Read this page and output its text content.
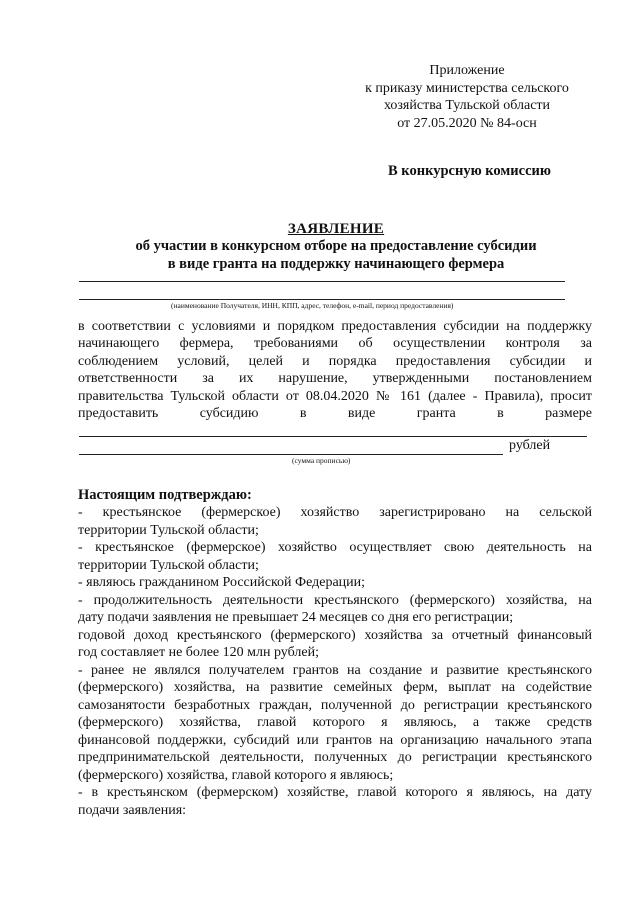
Приложение
к приказу министерства сельского
хозяйства Тульской области
от 27.05.2020 № 84-осн
В конкурсную комиссию
ЗАЯВЛЕНИЕ
об участии в конкурсном отборе на предоставление субсидии
в виде гранта на поддержку начинающего фермера
(наименование Получателя, ИНН, КПП, адрес, телефон, e-mail, период предоставления)
в соответствии с условиями и порядком предоставления субсидии на поддержку
начинающего фермера, требованиями об осуществлении контроля за
соблюдением условий, целей и порядка предоставления субсидии и
ответственности за их нарушение, утвержденными постановлением
правительства Тульской области от 08.04.2020 № 161 (далее - Правила), просит
предоставить субсидию в виде гранта в размере
рублей
(сумма прописью)
Настоящим подтверждаю:
- крестьянское (фермерское) хозяйство зарегистрировано на сельской
территории Тульской области;
- крестьянское (фермерское) хозяйство осуществляет свою деятельность на
территории Тульской области;
- являюсь гражданином Российской Федерации;
- продолжительность деятельности крестьянского (фермерского) хозяйства, на
дату подачи заявления не превышает 24 месяцев со дня его регистрации;
годовой доход крестьянского (фермерского) хозяйства за отчетный финансовый
год составляет не более 120 млн рублей;
- ранее не являлся получателем грантов на создание и развитие крестьянского
(фермерского) хозяйства, на развитие семейных ферм, выплат на содействие
самозанятости безработных граждан, полученной до регистрации крестьянского
(фермерского) хозяйства, главой которого я являюсь, а также средств
финансовой поддержки, субсидий или грантов на организацию начального этапа
предпринимательской деятельности, полученных до регистрации крестьянского
(фермерского) хозяйства, главой которого я являюсь;
- в крестьянском (фермерском) хозяйстве, главой которого я являюсь, на дату
подачи заявления:
